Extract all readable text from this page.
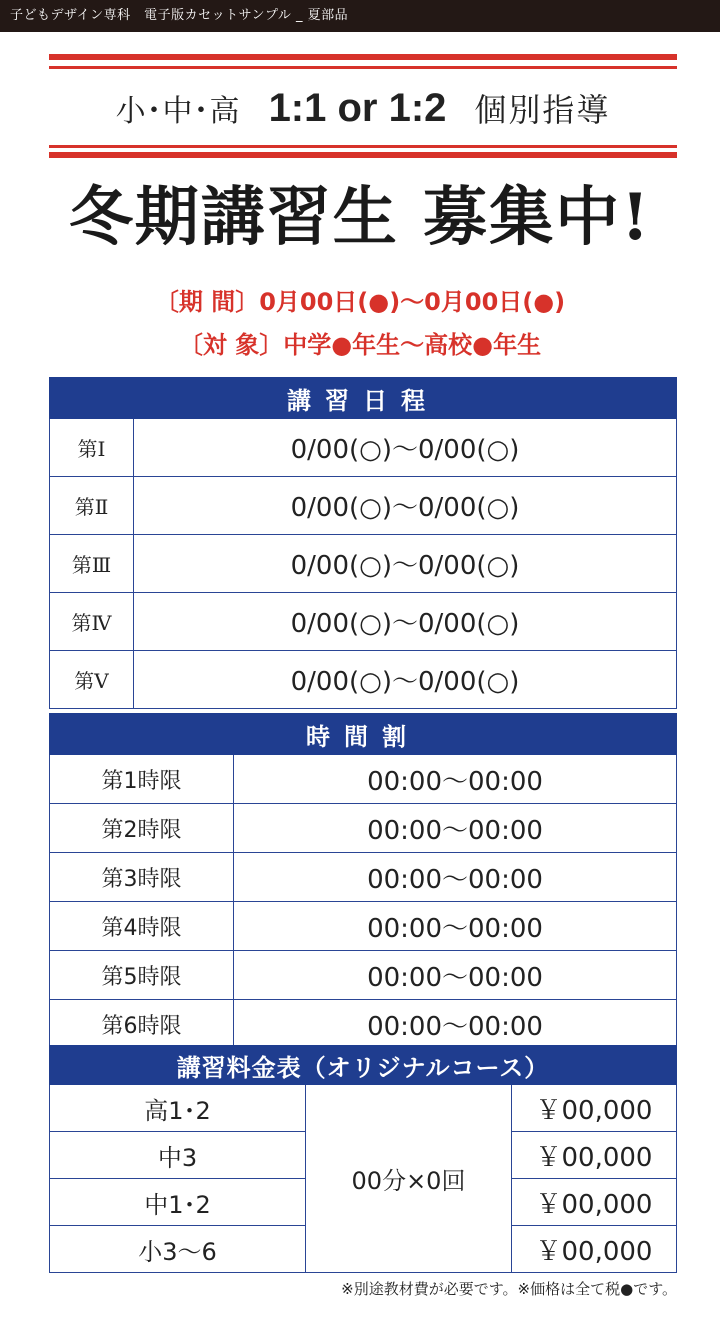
子どもデザイン専科　電子版カセットサンプル _ 夏部品
小･中･高 1:1 or 1:2 個別指導
冬期講習生 募集中!
〔期 間〕0月00日(●)～0月00日(●)
〔対 象〕中学●年生～高校●年生
講習日程	
第Ⅰ	0/00(○)～0/00(○)
第Ⅱ	0/00(○)～0/00(○)
第Ⅲ	0/00(○)～0/00(○)
第Ⅳ	0/00(○)～0/00(○)
第Ⅴ	0/00(○)～0/00(○)
時間割	
第1時限	00:00～00:00
第2時限	00:00～00:00
第3時限	00:00～00:00
第4時限	00:00～00:00
第5時限	00:00～00:00
第6時限	00:00～00:00
講習料金表（オリジナルコース）		
高1･2	00分×0回	￥00,000
中3		￥00,000
中1･2		￥00,000
小3～6		￥00,000
※別途教材費が必要です。※価格は全て税●です。
